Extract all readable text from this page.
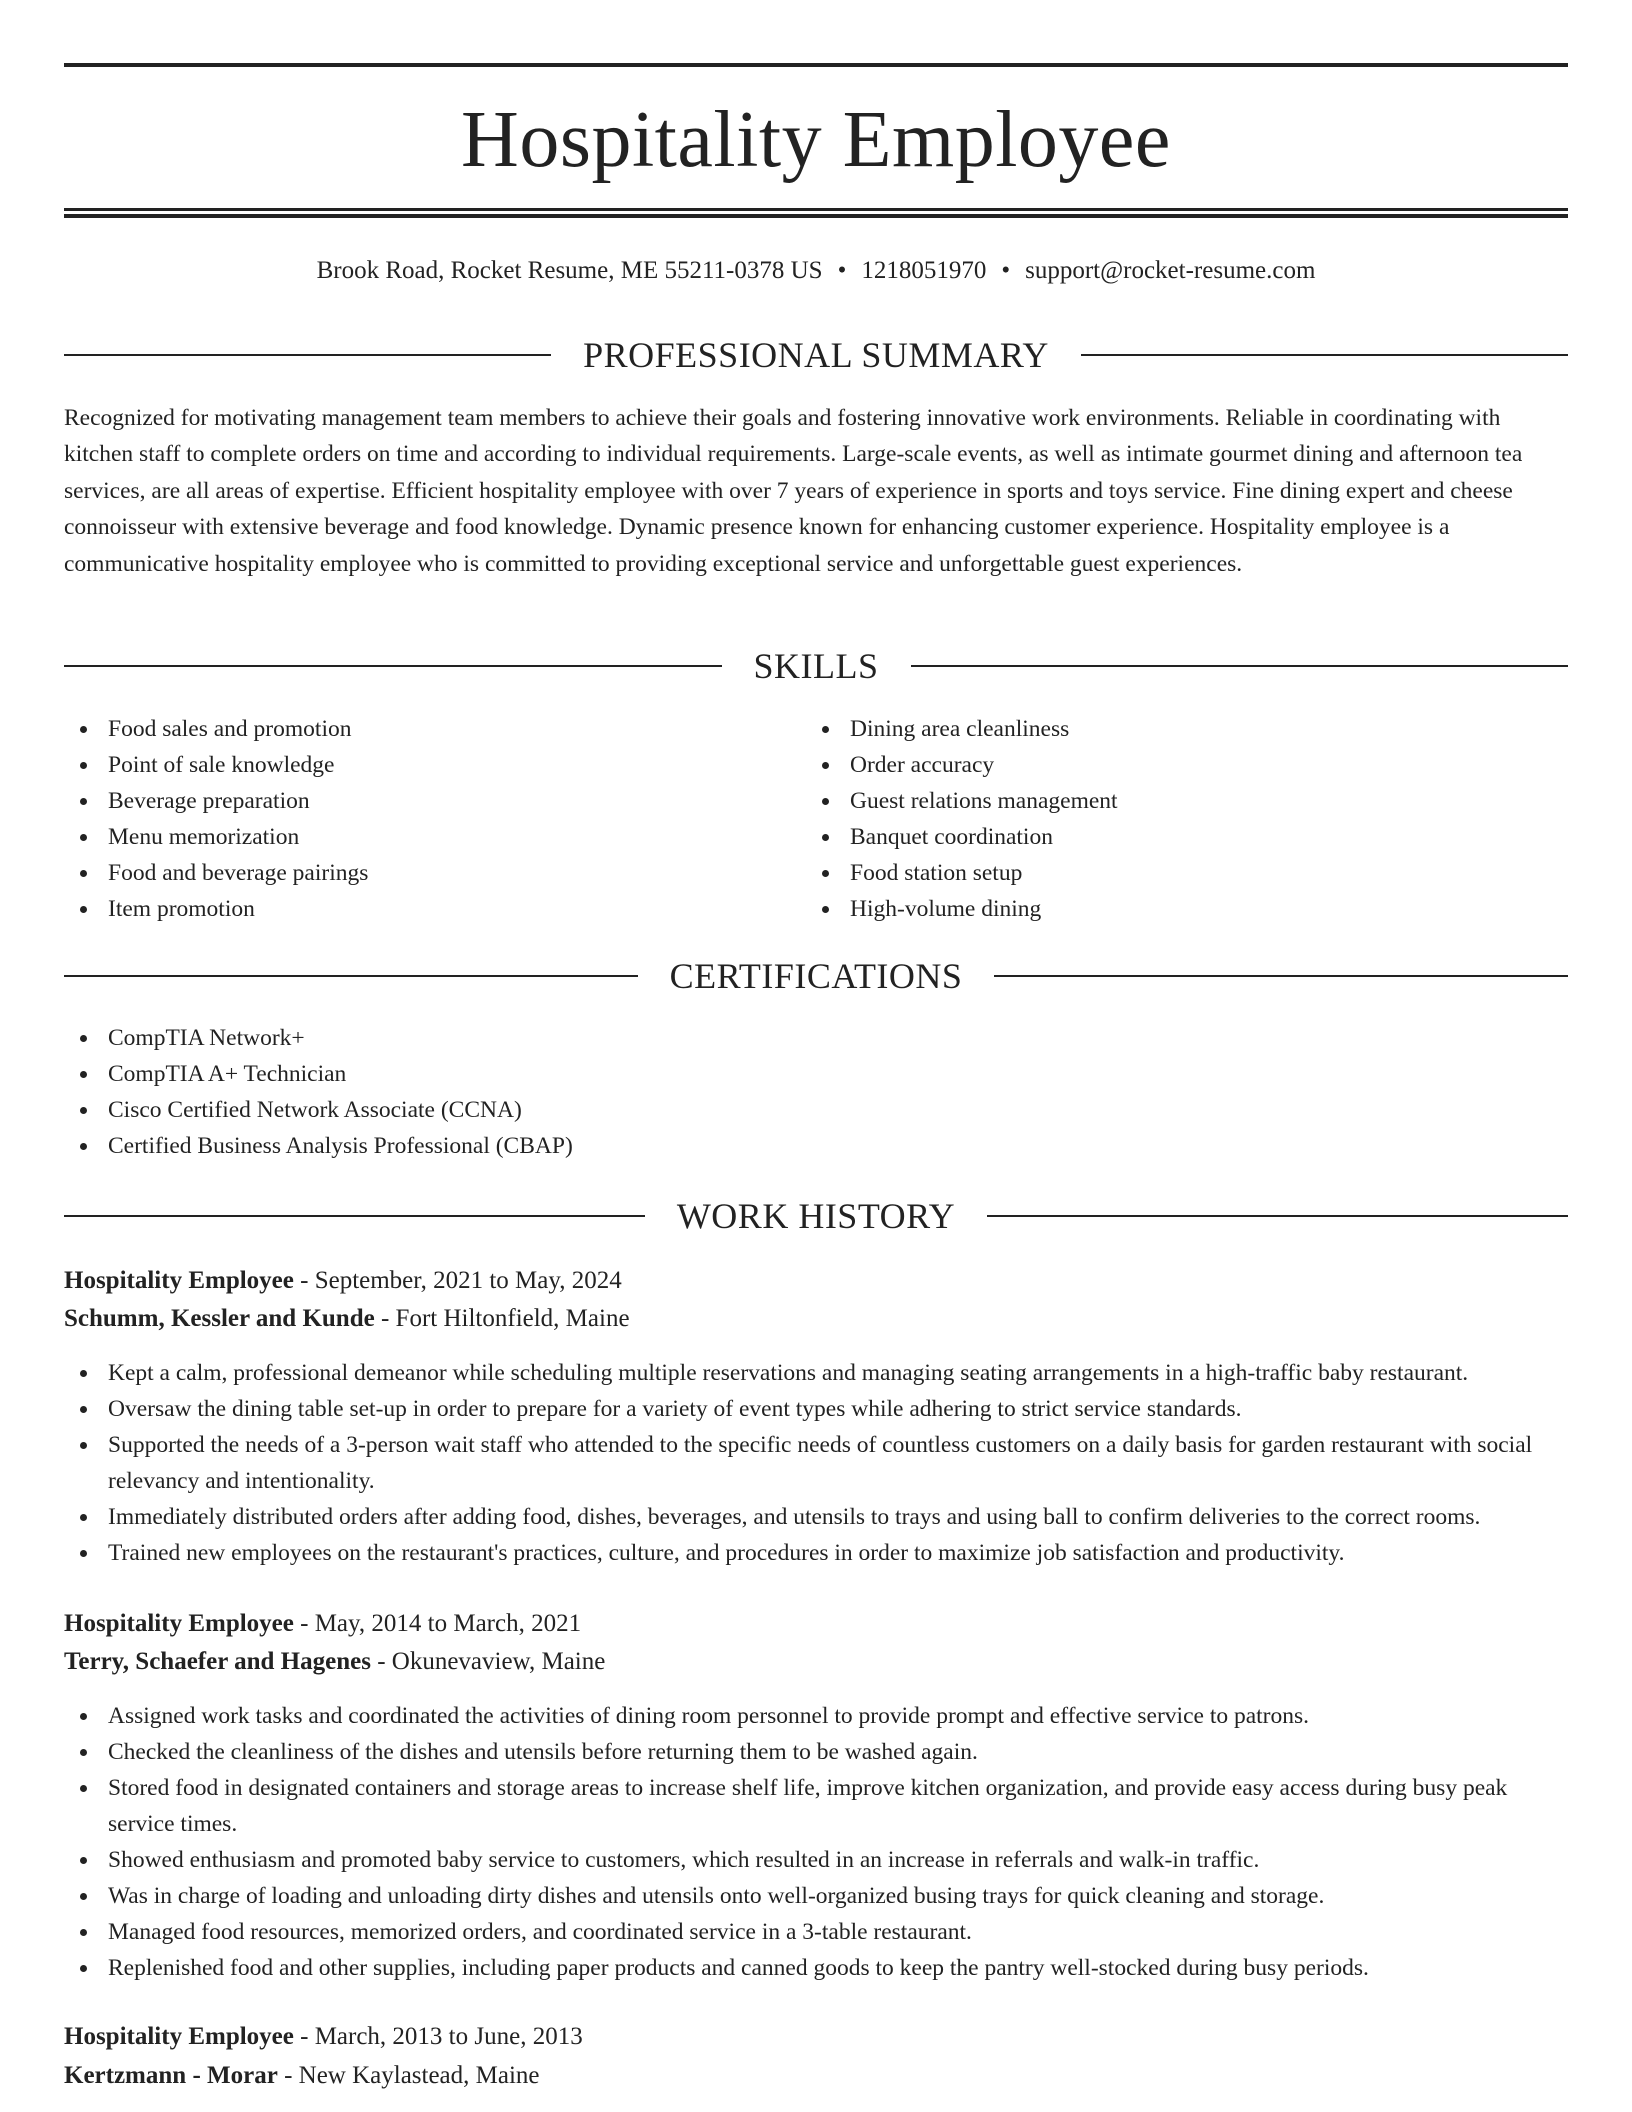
Hospitality Employee
Brook Road, Rocket Resume, ME 55211-0378 US • 1218051970 • support@rocket-resume.com
PROFESSIONAL SUMMARY

Recognized for motivating management team members to achieve their goals and fostering innovative work environments. Reliable in coordinating with kitchen staff to complete orders on time and according to individual requirements. Large-scale events, as well as intimate gourmet dining and afternoon tea services, are all areas of expertise. Efficient hospitality employee with over 7 years of experience in sports and toys service. Fine dining expert and cheese connoisseur with extensive beverage and food knowledge. Dynamic presence known for enhancing customer experience. Hospitality employee is a communicative hospitality employee who is committed to providing exceptional service and unforgettable guest experiences.

SKILLS
Food sales and promotion
Point of sale knowledge
Beverage preparation
Menu memorization
Food and beverage pairings
Item promotion
Dining area cleanliness
Order accuracy
Guest relations management
Banquet coordination
Food station setup
High-volume dining
CERTIFICATIONS
CompTIA Network+
CompTIA A+ Technician
Cisco Certified Network Associate (CCNA)
Certified Business Analysis Professional (CBAP)
WORK HISTORY
Hospitality Employee - September, 2021 to May, 2024
Schumm, Kessler and Kunde - Fort Hiltonfield, Maine
Kept a calm, professional demeanor while scheduling multiple reservations and managing seating arrangements in a high-traffic baby restaurant.
Oversaw the dining table set-up in order to prepare for a variety of event types while adhering to strict service standards.
Supported the needs of a 3-person wait staff who attended to the specific needs of countless customers on a daily basis for garden restaurant with social relevancy and intentionality.
Immediately distributed orders after adding food, dishes, beverages, and utensils to trays and using ball to confirm deliveries to the correct rooms.
Trained new employees on the restaurant's practices, culture, and procedures in order to maximize job satisfaction and productivity.
Hospitality Employee - May, 2014 to March, 2021
Terry, Schaefer and Hagenes - Okunevaview, Maine
Assigned work tasks and coordinated the activities of dining room personnel to provide prompt and effective service to patrons.
Checked the cleanliness of the dishes and utensils before returning them to be washed again.
Stored food in designated containers and storage areas to increase shelf life, improve kitchen organization, and provide easy access during busy peak service times.
Showed enthusiasm and promoted baby service to customers, which resulted in an increase in referrals and walk-in traffic.
Was in charge of loading and unloading dirty dishes and utensils onto well-organized busing trays for quick cleaning and storage.
Managed food resources, memorized orders, and coordinated service in a 3-table restaurant.
Replenished food and other supplies, including paper products and canned goods to keep the pantry well-stocked during busy periods.
Hospitality Employee - March, 2013 to June, 2013
Kertzmann - Morar - New Kaylastead, Maine
